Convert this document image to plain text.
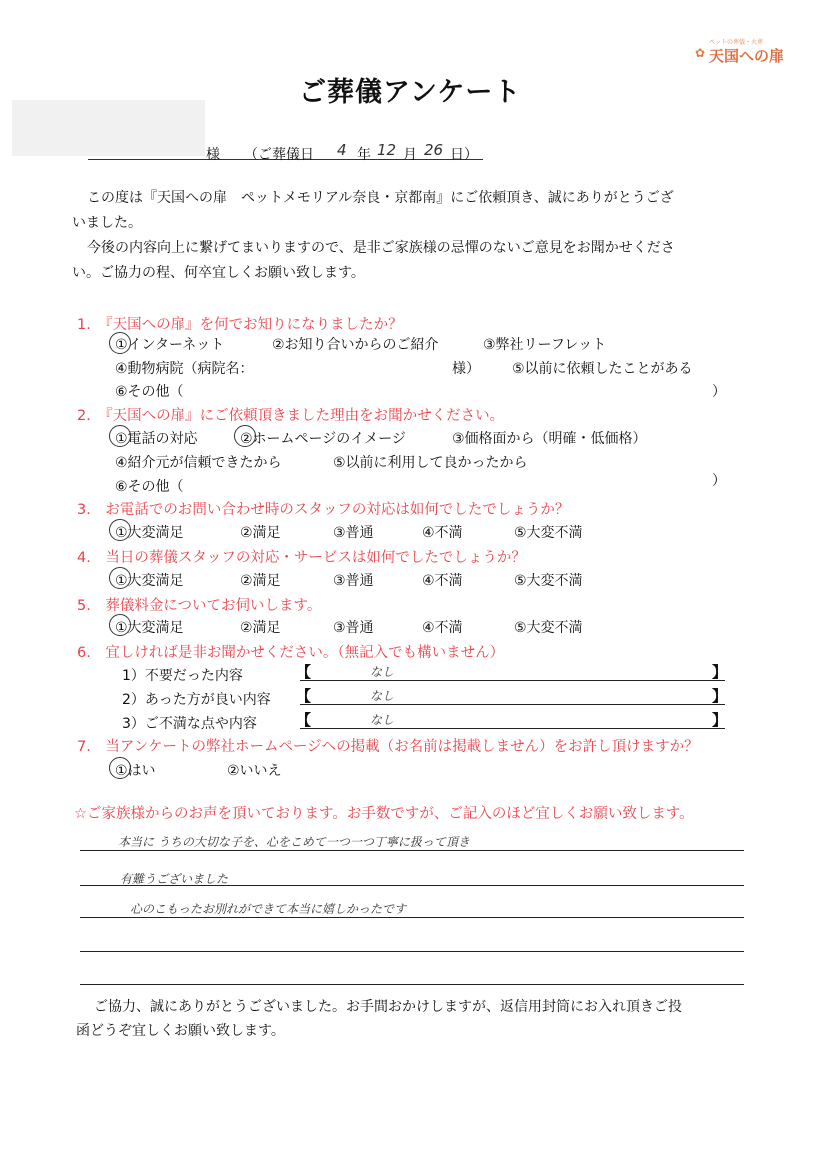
✿
ペットの葬儀・火葬
天国への扉
ご葬儀アンケート
様 （ご葬儀日 4 年 12 月 26 日）
この度は『天国への扉　ペットメモリアル奈良・京都南』にご依頼頂き、誠にありがとうござ
いました。
今後の内容向上に繋げてまいりますので、是非ご家族様の忌憚のないご意見をお聞かせくださ
い。ご協力の程、何卒宜しくお願い致します。
1.　『天国への扉』を何でお知りになりましたか？
①インターネット	②お知り合いからのご紹介	③弊社リーフレット
④動物病院（病院名：	様） ⑤以前に依頼したことがある
⑥その他（	）
2.　『天国への扉』にご依頼頂きました理由をお聞かせください。
①電話の対応	②ホームページのイメージ	③価格面から（明確・低価格）
④紹介元が信頼できたから	⑤以前に利用して良かったから
⑥その他（	）
3.　お電話でのお問い合わせ時のスタッフの対応は如何でしたでしょうか？
①大変満足	②満足	③普通	④不満	⑤大変不満
4.　当日の葬儀スタッフの対応・サービスは如何でしたでしょうか？
①大変満足	②満足	③普通	④不満	⑤大変不満
5.　葬儀料金についてお伺いします。
①大変満足	②満足	③普通	④不満	⑤大変不満
6.　宜しければ是非お聞かせください。（無記入でも構いません）
1）不要だった内容	【	なし	】
2）あった方が良い内容 【	なし	】
3）ご不満な点や内容	【	なし	】
7.　当アンケートの弊社ホームページへの掲載（お名前は掲載しません）をお許し頂けますか？
①はい	②いいえ
☆ご家族様からのお声を頂いております。お手数ですが、ご記入のほど宜しくお願い致します。
本当に うちの大切な子を、心をこめて一つ一つ丁寧に扱って頂き
有難うございました
心のこもったお別れができて本当に嬉しかったです
ご協力、誠にありがとうございました。お手間おかけしますが、返信用封筒にお入れ頂きご投
函どうぞ宜しくお願い致します。
